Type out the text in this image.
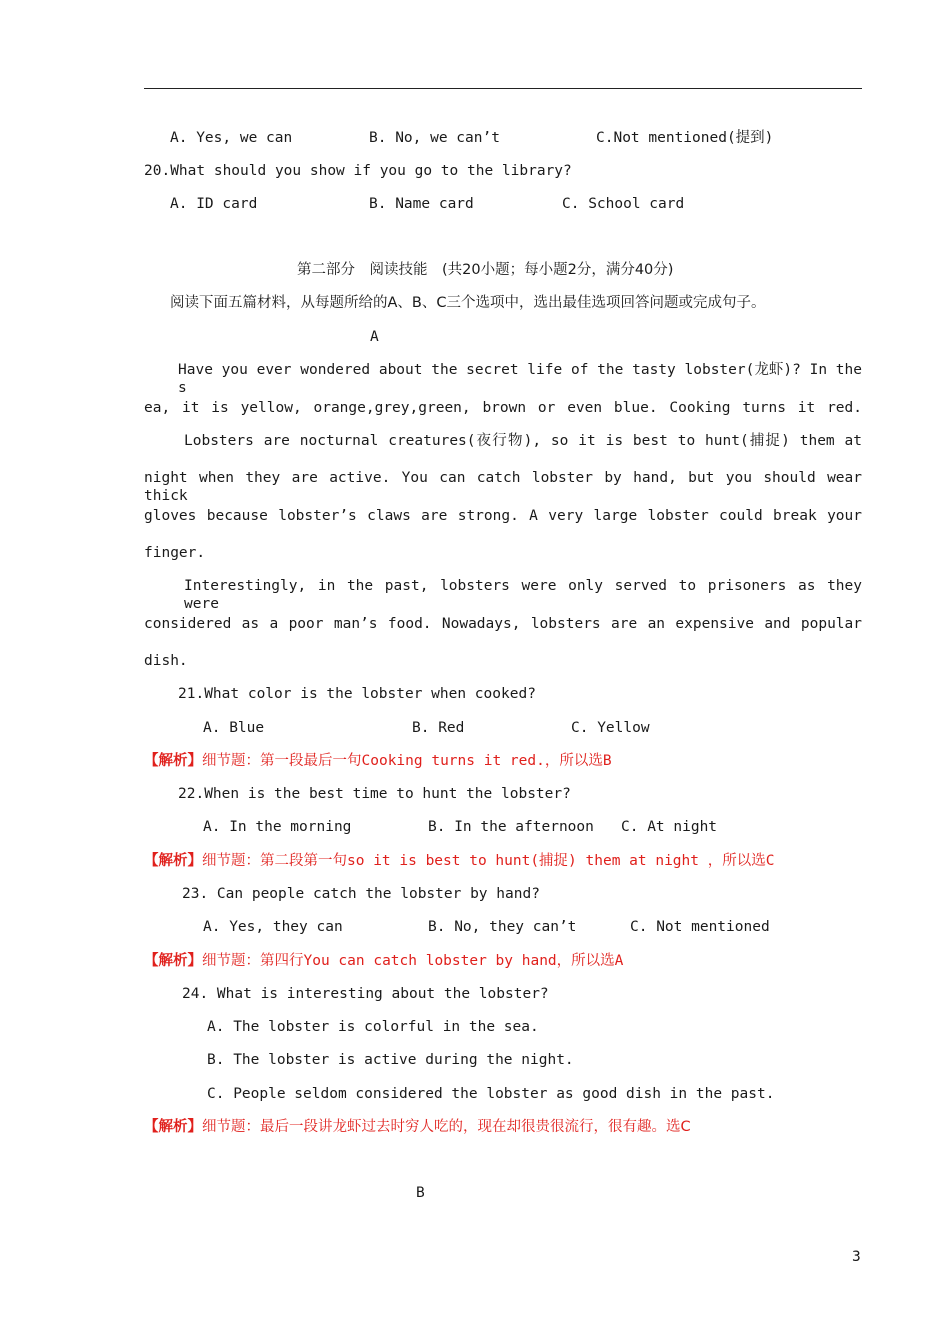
A. Yes, we can	B. No, we can’t	C.Not mentioned(提到)
20.What should you show if you go to the library?
A. ID card	B. Name card	C. School card
第二部分　阅读技能　(共20小题；每小题2分，满分40分)
阅读下面五篇材料，从每题所给的A、B、C三个选项中，选出最佳选项回答问题或完成句子。
A
Have you ever wondered about the secret life of the tasty lobster(龙虾)? In the s
ea, it is yellow, orange,grey,green, brown or even blue. Cooking turns it red.
Lobsters are nocturnal creatures(夜行物), so it is best to hunt(捕捉) them at
night when they are active. You can catch lobster by hand, but you should wear thick
gloves because lobster’s claws are strong. A very large lobster could break your
finger.
Interestingly, in the past, lobsters were only served to prisoners as they were
considered as a poor man’s food. Nowadays, lobsters are an expensive and popular
dish.
21.What color is the lobster when cooked?
A. Blue	B. Red	C. Yellow
【解析】细节题：第一段最后一句Cooking turns it red.，所以选B
22.When is the best time to hunt the lobster?
A. In the morning	B. In the afternoon C. At night
【解析】细节题：第二段第一句so it is best to hunt(捕捉) them at night ，所以选C
23. Can people catch the lobster by hand?
A. Yes, they can	B. No, they can’t	C. Not mentioned
【解析】细节题：第四行You can catch lobster by hand，所以选A
24. What is interesting about the lobster?
A. The lobster is colorful in the sea.
B. The lobster is active during the night.
C. People seldom considered the lobster as good dish in the past.
【解析】细节题：最后一段讲龙虾过去时穷人吃的，现在却很贵很流行，很有趣。选C
B
3
